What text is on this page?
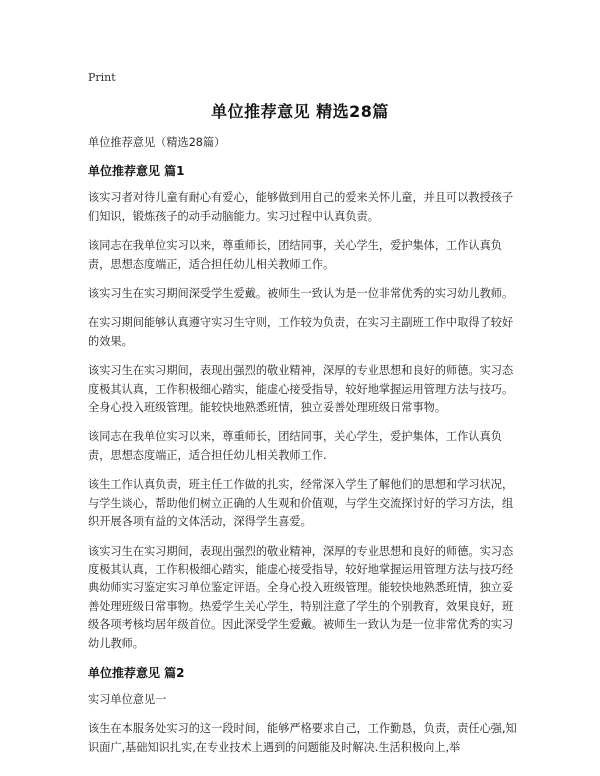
Print
单位推荐意见 精选28篇

单位推荐意见（精选28篇）

单位推荐意见 篇1

该实习者对待儿童有耐心有爱心，能够做到用自己的爱来关怀儿童，并且可以教授孩子们知识，锻炼孩子的动手动脑能力。实习过程中认真负责。

该同志在我单位实习以来，尊重师长，团结同事，关心学生，爱护集体，工作认真负责，思想态度端正，适合担任幼儿相关教师工作。

该实习生在实习期间深受学生爱戴。被师生一致认为是一位非常优秀的实习幼儿教师。

在实习期间能够认真遵守实习生守则，工作较为负责，在实习主副班工作中取得了较好的效果。

该实习生在实习期间，表现出强烈的敬业精神，深厚的专业思想和良好的师德。实习态度极其认真，工作积极细心踏实，能虚心接受指导，较好地掌握运用管理方法与技巧。全身心投入班级管理。能较快地熟悉班情，独立妥善处理班级日常事物。

该同志在我单位实习以来，尊重师长，团结同事，关心学生，爱护集体，工作认真负责，思想态度端正，适合担任幼儿相关教师工作.

该生工作认真负责，班主任工作做的扎实，经常深入学生了解他们的思想和学习状况，与学生谈心，帮助他们树立正确的人生观和价值观，与学生交流探讨好的学习方法，组织开展各项有益的文体活动，深得学生喜爱。

该实习生在实习期间，表现出强烈的敬业精神，深厚的专业思想和良好的师德。实习态度极其认真，工作积极细心踏实，能虚心接受指导，较好地掌握运用管理方法与技巧经典幼师实习鉴定实习单位鉴定评语。全身心投入班级管理。能较快地熟悉班情，独立妥善处理班级日常事物。热爱学生关心学生，特别注意了学生的个别教育，效果良好，班级各项考核均居年级首位。因此深受学生爱戴。被师生一致认为是一位非常优秀的实习幼儿教师。

单位推荐意见 篇2

实习单位意见一

该生在本服务处实习的这一段时间，能够严格要求自己，工作勤恳，负责，责任心强,知识面广,基础知识扎实,在专业技术上遇到的问题能及时解决.生活积极向上,举
